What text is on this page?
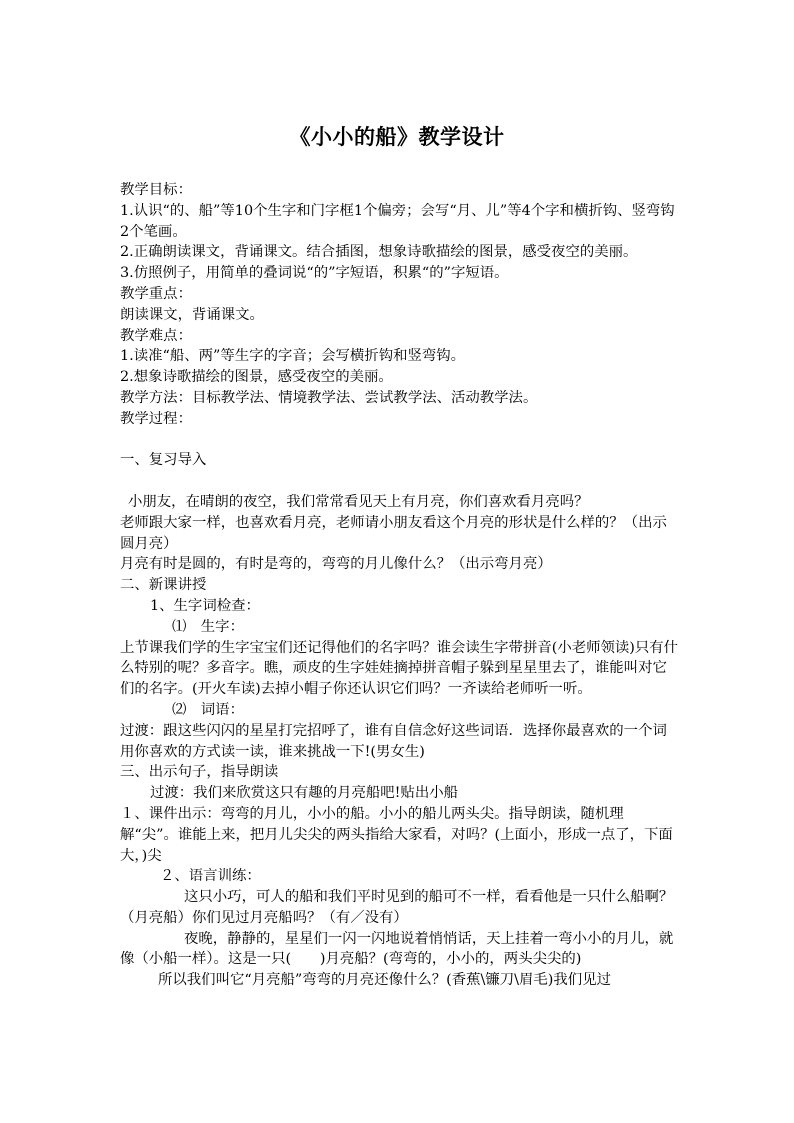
《小小的船》教学设计

教学目标：

1.认识“的、船”等10个生字和门字框1个偏旁；会写“月、儿”等4个字和横折钩、竖弯钩2个笔画。

2.正确朗读课文，背诵课文。结合插图，想象诗歌描绘的图景，感受夜空的美丽。

3.仿照例子，用简单的叠词说“的”字短语，积累“的”字短语。

教学重点：

朗读课文，背诵课文。

教学难点：

1.读准“船、两”等生字的字音；会写横折钩和竖弯钩。

2.想象诗歌描绘的图景，感受夜空的美丽。

教学方法：目标教学法、情境教学法、尝试教学法、活动教学法。

教学过程：

一、复习导入

小朋友，在晴朗的夜空，我们常常看见天上有月亮，你们喜欢看月亮吗？

老师跟大家一样，也喜欢看月亮，老师请小朋友看这个月亮的形状是什么样的？（出示圆月亮）

月亮有时是圆的，有时是弯的，弯弯的月儿像什么？（出示弯月亮）

二、新课讲授

1、生字词检查：

⑴　生字：

上节课我们学的生字宝宝们还记得他们的名字吗？谁会读生字带拼音(小老师领读)只有什么特别的呢？多音字。瞧，顽皮的生字娃娃摘掉拼音帽子躲到星星里去了，谁能叫对它们的名字。(开火车读)去掉小帽子你还认识它们吗？一齐读给老师听一听。

⑵　词语：

过渡：跟这些闪闪的星星打完招呼了，谁有自信念好这些词语．选择你最喜欢的一个词用你喜欢的方式读一读，谁来挑战一下!(男女生)

三、出示句子，指导朗读

过渡：我们来欣赏这只有趣的月亮船吧!贴出小船

１、课件出示：弯弯的月儿，小小的船。小小的船儿两头尖。指导朗读，随机理解“尖”。谁能上来，把月儿尖尖的两头指给大家看，对吗？(上面小，形成一点了，下面大，)尖

２、语言训练：

这只小巧，可人的船和我们平时见到的船可不一样，看看他是一只什么船啊？（月亮船）你们见过月亮船吗？（有／没有）

夜晚，静静的，星星们一闪一闪地说着悄悄话，天上挂着一弯小小的月儿，就像（小船一样）。这是一只(　　)月亮船？(弯弯的，小小的，两头尖尖的)

所以我们叫它“月亮船”弯弯的月亮还像什么？(香蕉\镰刀\眉毛)我们见过
